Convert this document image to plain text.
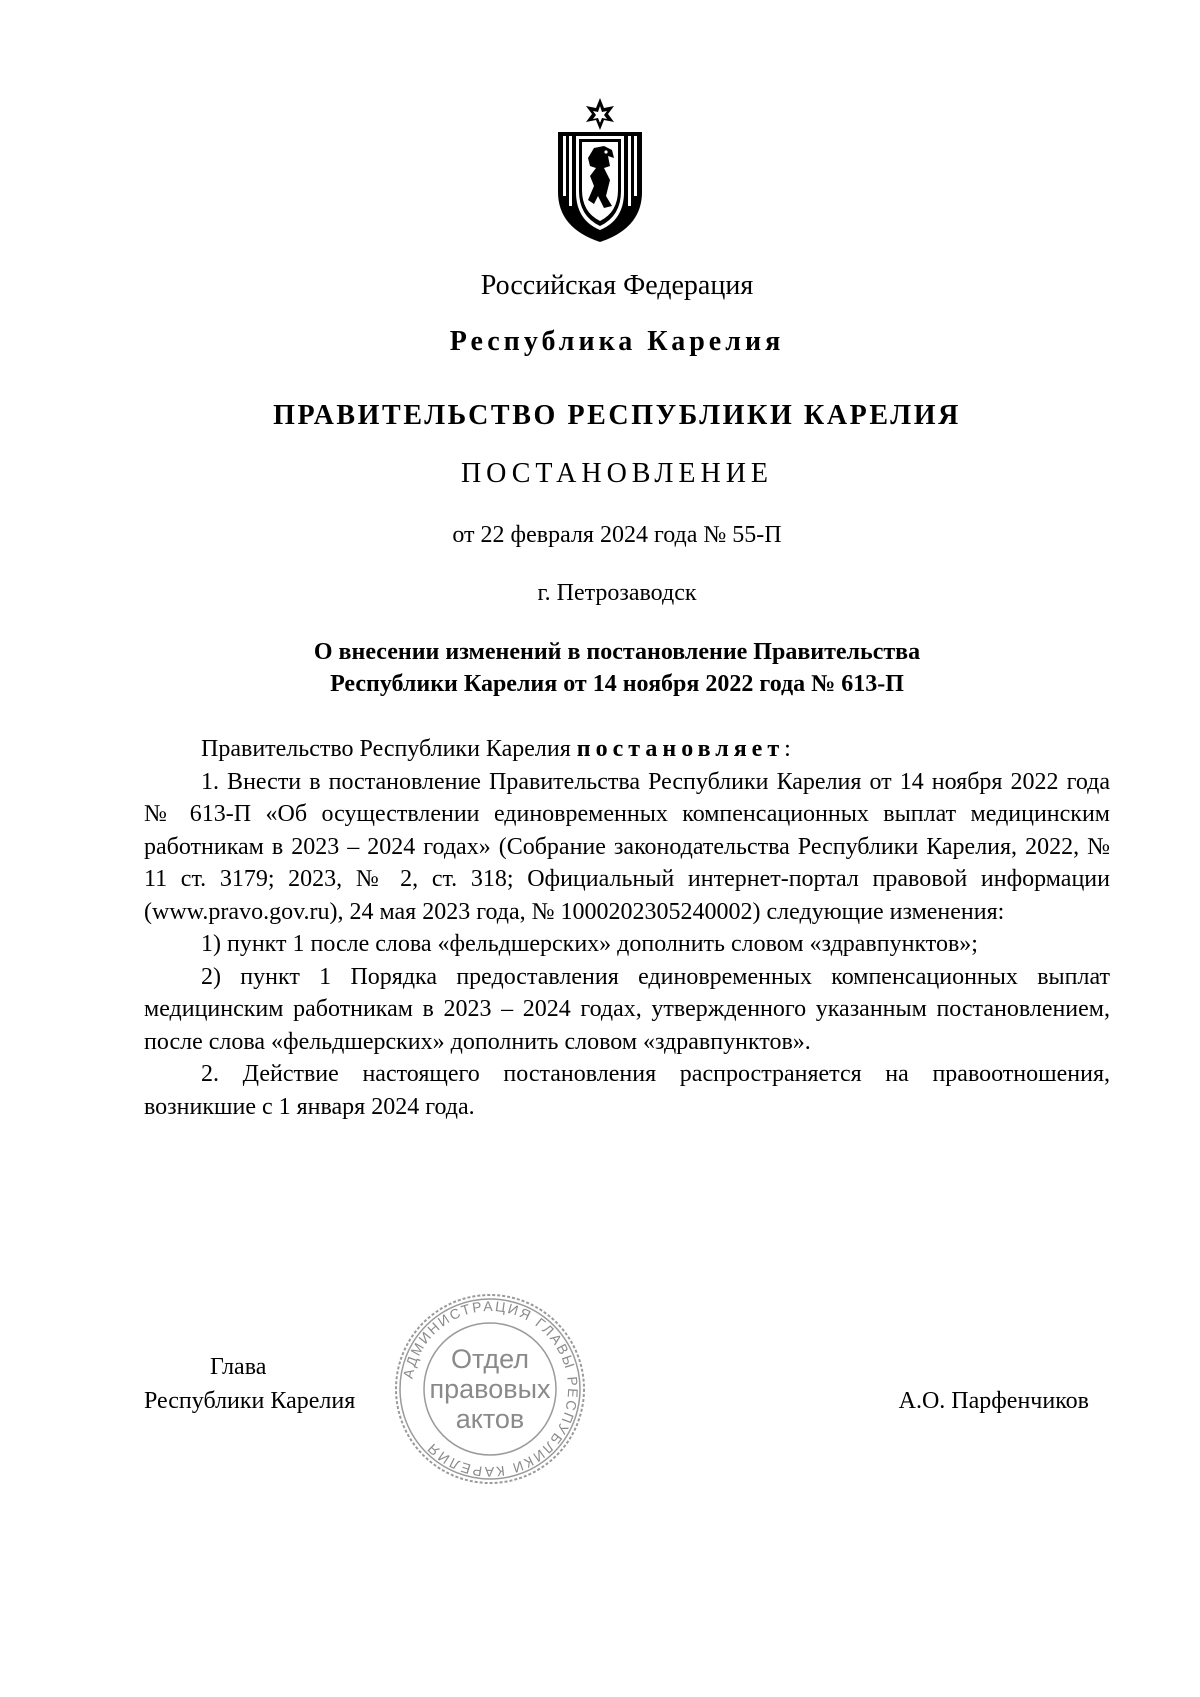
Российская Федерация
Республика Карелия
ПРАВИТЕЛЬСТВО РЕСПУБЛИКИ КАРЕЛИЯ
ПОСТАНОВЛЕНИЕ
от 22 февраля 2024 года № 55-П
г. Петрозаводск
О внесении изменений в постановление Правительства
Республики Карелия от 14 ноября 2022 года № 613-П

Правительство Республики Карелия постановляет:

1. Внести в постановление Правительства Республики Карелия от 14 ноября 2022 года № 613-П «Об осуществлении единовременных компенсационных выплат медицинским работникам в 2023 – 2024 годах» (Собрание законодательства Республики Карелия, 2022, № 11 ст. 3179; 2023, № 2, ст. 318; Официальный интернет-портал правовой информации (www.pravo.gov.ru), 24 мая 2023 года, № 1000202305240002) следующие изменения:

1) пункт 1 после слова «фельдшерских» дополнить словом «здравпунктов»;

2) пункт 1 Порядка предоставления единовременных компенсационных выплат медицинским работникам в 2023 – 2024 годах, утвержденного указанным постановлением, после слова «фельдшерских» дополнить словом «здравпунктов».

2. Действие настоящего постановления распространяется на правоотношения, возникшие с 1 января 2024 года.

Глава
Республики Карелия	А.О. Парфенчиков
АДМИНИСТРАЦИЯ ГЛАВЫ РЕСПУБЛИКИ КАРЕЛИЯ
Отдел
правовых
актов
